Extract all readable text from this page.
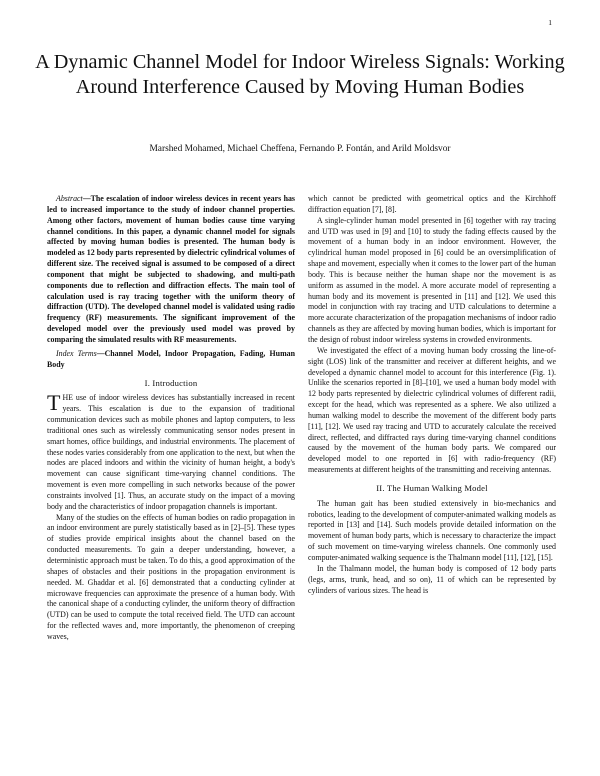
1
A Dynamic Channel Model for Indoor Wireless Signals: Working Around Interference Caused by Moving Human Bodies
Marshed Mohamed, Michael Cheffena, Fernando P. Fontán, and Arild Moldsvor

Abstract—The escalation of indoor wireless devices in recent years has led to increased importance to the study of indoor channel properties. Among other factors, movement of human bodies cause time varying channel conditions. In this paper, a dynamic channel model for signals affected by moving human bodies is presented. The human body is modeled as 12 body parts represented by dielectric cylindrical volumes of different size. The received signal is assumed to be composed of a direct component that might be subjected to shadowing, and multi-path components due to reflection and diffraction effects. The main tool of calculation used is ray tracing together with the uniform theory of diffraction (UTD). The developed channel model is validated using radio frequency (RF) measurements. The significant improvement of the developed model over the previously used model was proved by comparing the simulated results with RF measurements.

Index Terms—Channel Model, Indoor Propagation, Fading, Human Body

I. Introduction

THE use of indoor wireless devices has substantially increased in recent years. This escalation is due to the expansion of traditional communication devices such as mobile phones and laptop computers, to less traditional ones such as wirelessly communicating sensor nodes present in smart homes, office buildings, and industrial environments. The placement of these nodes varies considerably from one application to the next, but when the nodes are placed indoors and within the vicinity of human height, a body's movement can cause significant time-varying channel conditions. The movement is even more compelling in such networks because of the power constraints involved [1]. Thus, an accurate study on the impact of a moving body and the characteristics of indoor propagation channels is important.

Many of the studies on the effects of human bodies on radio propagation in an indoor environment are purely statistically based as in [2]–[5]. These types of studies provide empirical insights about the channel based on the conducted measurements. To gain a deeper understanding, however, a deterministic approach must be taken. To do this, a good approximation of the shapes of obstacles and their positions in the propagation environment is needed. M. Ghaddar et al. [6] demonstrated that a conducting cylinder at microwave frequencies can approximate the presence of a human body. With the canonical shape of a conducting cylinder, the uniform theory of diffraction (UTD) can be used to compute the total received field. The UTD can account for the reflected waves and, more importantly, the phenomenon of creeping waves,

which cannot be predicted with geometrical optics and the Kirchhoff diffraction equation [7], [8].

A single-cylinder human model presented in [6] together with ray tracing and UTD was used in [9] and [10] to study the fading effects caused by the movement of a human body in an indoor environment. However, the cylindrical human model proposed in [6] could be an oversimplification of shape and movement, especially when it comes to the lower part of the human body. This is because neither the human shape nor the movement is as uniform as assumed in the model. A more accurate model of representing a human body and its movement is presented in [11] and [12]. We used this model in conjunction with ray tracing and UTD calculations to determine a more accurate characterization of the propagation mechanisms of indoor radio channels as they are affected by moving human bodies, which is important for the design of robust indoor wireless systems in crowded environments.

We investigated the effect of a moving human body crossing the line-of-sight (LOS) link of the transmitter and receiver at different heights, and we developed a dynamic channel model to account for this interference (Fig. 1). Unlike the scenarios reported in [8]–[10], we used a human body model with 12 body parts represented by dielectric cylindrical volumes of different radii, except for the head, which was represented as a sphere. We also utilized a human walking model to describe the movement of the different body parts [11], [12]. We used ray tracing and UTD to accurately calculate the received direct, reflected, and diffracted rays during time-varying channel conditions caused by the movement of the human body parts. We compared our developed model to one reported in [6] with radio-frequency (RF) measurements at different heights of the transmitting and receiving antennas.

II. The Human Walking Model

The human gait has been studied extensively in bio-mechanics and robotics, leading to the development of computer-animated walking models as reported in [13] and [14]. Such models provide detailed information on the movement of human body parts, which is necessary to characterize the impact of such movement on time-varying wireless channels. One commonly used computer-animated walking sequence is the Thalmann model [11], [12], [15].

In the Thalmann model, the human body is composed of 12 body parts (legs, arms, trunk, head, and so on), 11 of which can be represented by cylinders of various sizes. The head is
